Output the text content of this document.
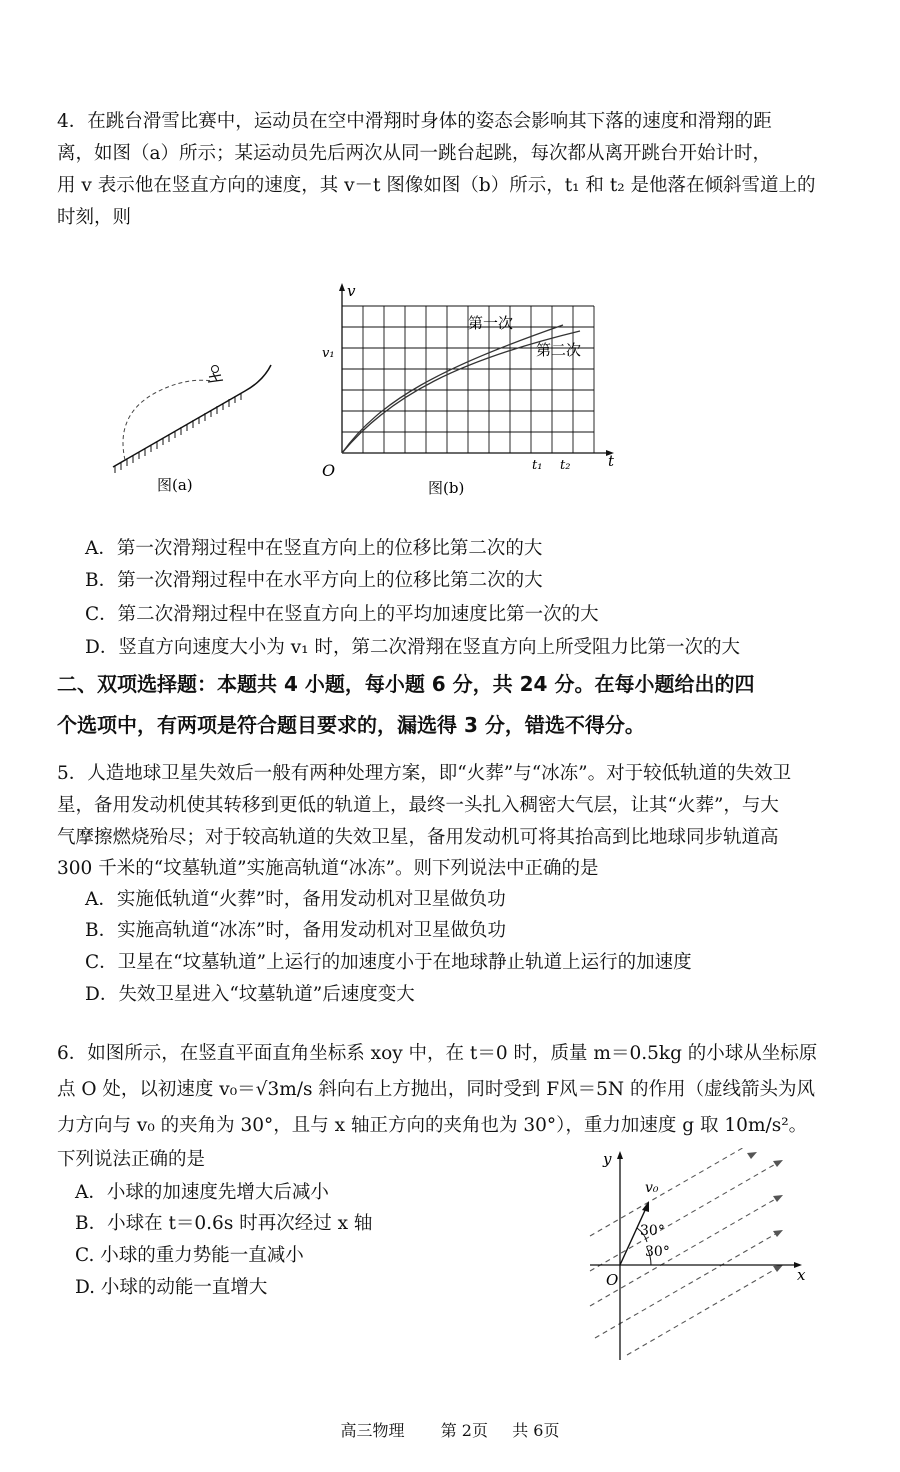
4．在跳台滑雪比赛中，运动员在空中滑翔时身体的姿态会影响其下落的速度和滑翔的距

离，如图（a）所示；某运动员先后两次从同一跳台起跳，每次都从离开跳台开始计时，

用 v 表示他在竖直方向的速度，其 v－t 图像如图（b）所示，t₁ 和 t₂ 是他落在倾斜雪道上的

时刻，则

图(a)
v
t
O
v₁
t₁ t₂
第一次
第二次
图(b)

A．第一次滑翔过程中在竖直方向上的位移比第二次的大

B．第一次滑翔过程中在水平方向上的位移比第二次的大

C．第二次滑翔过程中在竖直方向上的平均加速度比第一次的大

D．竖直方向速度大小为 v₁ 时，第二次滑翔在竖直方向上所受阻力比第一次的大

二、双项选择题：本题共 4 小题，每小题 6 分，共 24 分。在每小题给出的四

个选项中，有两项是符合题目要求的，漏选得 3 分，错选不得分。

5．人造地球卫星失效后一般有两种处理方案，即“火葬”与“冰冻”。对于较低轨道的失效卫

星，备用发动机使其转移到更低的轨道上，最终一头扎入稠密大气层，让其“火葬”，与大

气摩擦燃烧殆尽；对于较高轨道的失效卫星，备用发动机可将其抬高到比地球同步轨道高

300 千米的“坟墓轨道”实施高轨道“冰冻”。则下列说法中正确的是

A．实施低轨道“火葬”时，备用发动机对卫星做负功

B．实施高轨道“冰冻”时，备用发动机对卫星做负功

C．卫星在“坟墓轨道”上运行的加速度小于在地球静止轨道上运行的加速度

D．失效卫星进入“坟墓轨道”后速度变大

6．如图所示，在竖直平面直角坐标系 xoy 中，在 t＝0 时，质量 m＝0.5kg 的小球从坐标原

点 O 处，以初速度 v₀＝√3m/s 斜向右上方抛出，同时受到 F风＝5N 的作用（虚线箭头为风

力方向与 v₀ 的夹角为 30°，且与 x 轴正方向的夹角也为 30°），重力加速度 g 取 10m/s²。

下列说法正确的是

A．小球的加速度先增大后减小

B．小球在 t＝0.6s 时再次经过 x 轴

C. 小球的重力势能一直减小

D. 小球的动能一直增大

y
x
O
v₀
30°
30°
高三物理 第 2页 共 6页
